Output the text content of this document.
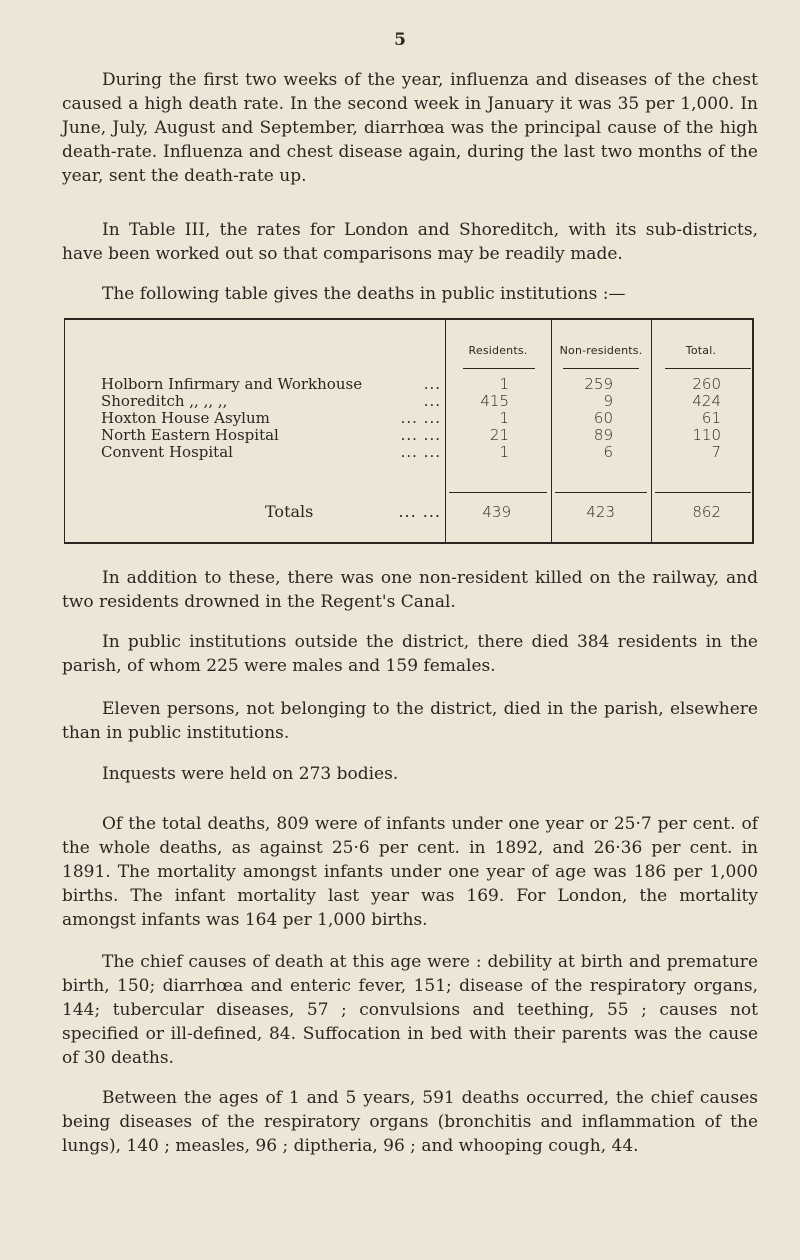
5

During the first two weeks of the year, influenza and diseases of the chest caused a high death rate. In the second week in January it was 35 per 1,000. In June, July, August and September, diarrhœa was the principal cause of the high death-rate. Influenza and chest disease again, during the last two months of the year, sent the death-rate up.

In Table III, the rates for London and Shoreditch, with its sub-districts, have been worked out so that comparisons may be readily made.

The following table gives the deaths in public institutions :—

Residents.	Non-residents.	Total.
Holborn Infirmary and Workhouse	...	1	259	260
Shoreditch ,, ,, ,,	...	415	9	424
Hoxton House Asylum	... ...	1	60	61
North Eastern Hospital	... ...	21	89	110
Convent Hospital	... ...	1	6	7
Totals	... ...	439	423	862

In addition to these, there was one non-resident killed on the railway, and two residents drowned in the Regent's Canal.

In public institutions outside the district, there died 384 residents in the parish, of whom 225 were males and 159 females.

Eleven persons, not belonging to the district, died in the parish, elsewhere than in public institutions.

Inquests were held on 273 bodies.

Of the total deaths, 809 were of infants under one year or 25·7 per cent. of the whole deaths, as against 25·6 per cent. in 1892, and 26·36 per cent. in 1891. The mortality amongst infants under one year of age was 186 per 1,000 births. The infant mortality last year was 169. For London, the mortality amongst infants was 164 per 1,000 births.

The chief causes of death at this age were : debility at birth and premature birth, 150; diarrhœa and enteric fever, 151; disease of the respiratory organs, 144; tubercular diseases, 57 ; convulsions and teething, 55 ; causes not specified or ill-defined, 84. Suffocation in bed with their parents was the cause of 30 deaths.

Between the ages of 1 and 5 years, 591 deaths occurred, the chief causes being diseases of the respiratory organs (bronchitis and inflammation of the lungs), 140 ; measles, 96 ; diptheria, 96 ; and whooping cough, 44.
